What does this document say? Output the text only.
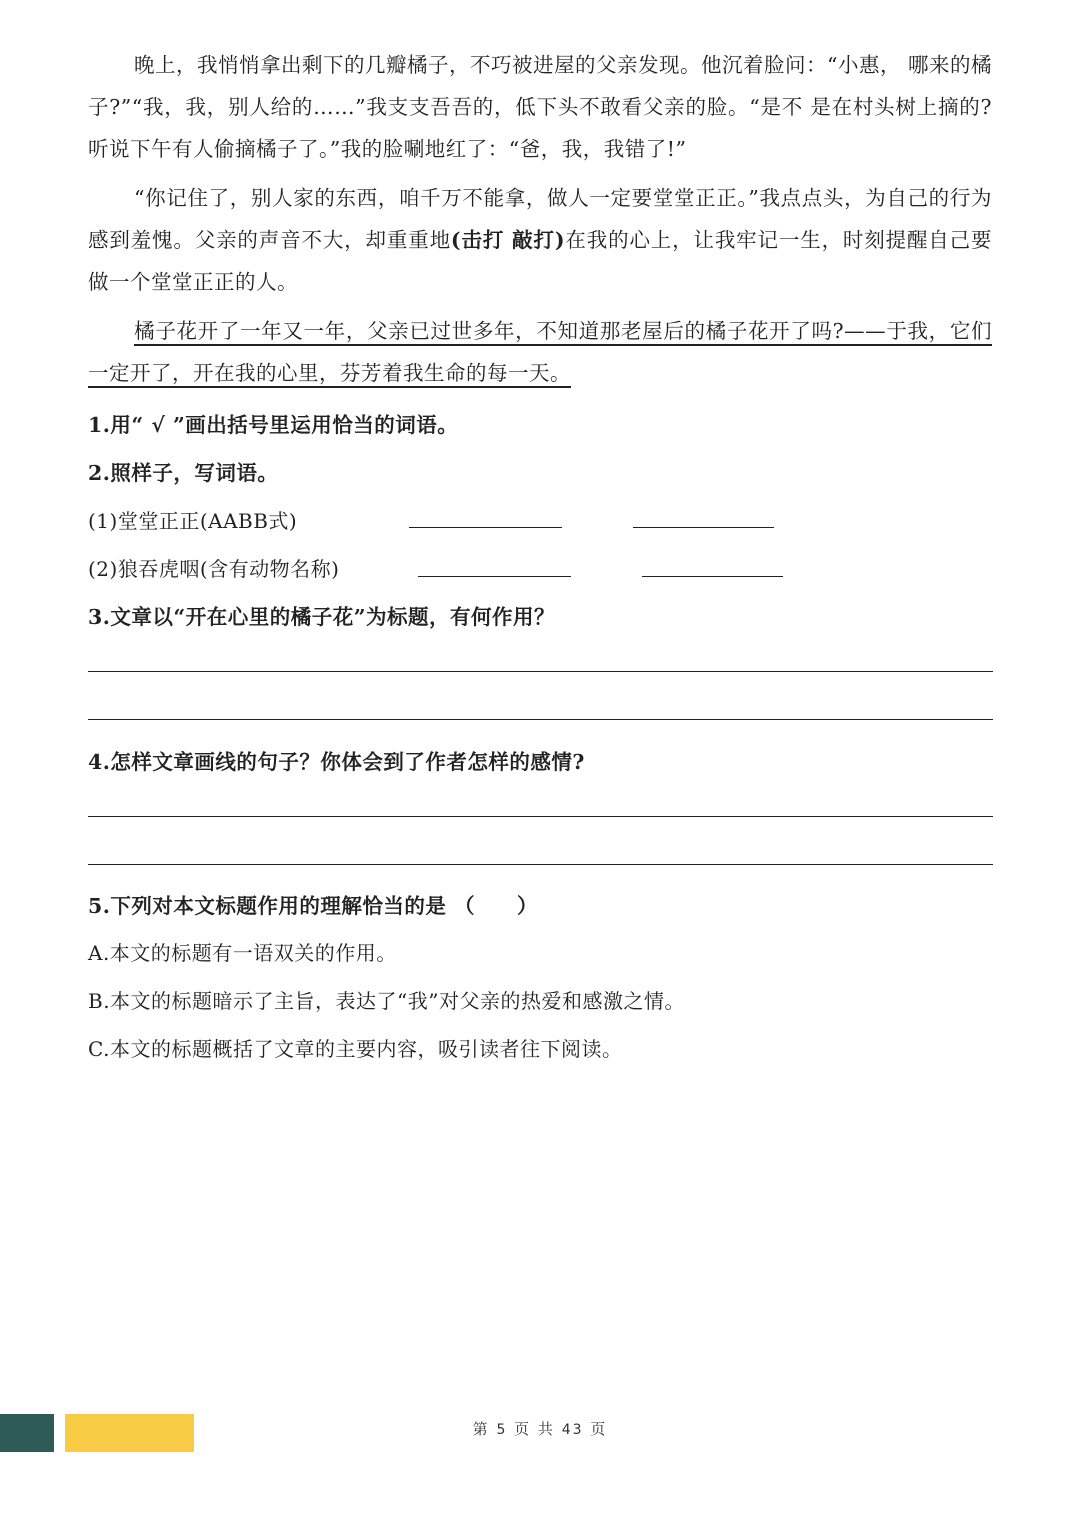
晚上，我悄悄拿出剩下的几瓣橘子，不巧被进屋的父亲发现。他沉着脸问：“小惠， 哪来的橘子?”“我，我，别人给的……”我支支吾吾的，低下头不敢看父亲的脸。“是不 是在村头树上摘的?听说下午有人偷摘橘子了。”我的脸唰地红了：“爸，我，我错了!”
“你记住了，别人家的东西，咱千万不能拿，做人一定要堂堂正正。”我点点头，为自己的行为感到羞愧。父亲的声音不大，却重重地(击打 敲打)在我的心上，让我牢记一生，时刻提醒自己要做一个堂堂正正的人。
橘子花开了一年又一年，父亲已过世多年，不知道那老屋后的橘子花开了吗?——于我，它们一定开了，开在我的心里，芬芳着我生命的每一天。
1.用“ √ ”画出括号里运用恰当的词语。
2.照样子，写词语。
(1)堂堂正正(AABB式)
(2)狼吞虎咽(含有动物名称)
3.文章以“开在心里的橘子花”为标题，有何作用？
4.怎样文章画线的句子？你体会到了作者怎样的感情?
5.下列对本文标题作用的理解恰当的是 （　　）
A.本文的标题有一语双关的作用。
B.本文的标题暗示了主旨，表达了“我”对父亲的热爱和感激之情。
C.本文的标题概括了文章的主要内容，吸引读者往下阅读。
第 5 页 共 43 页
